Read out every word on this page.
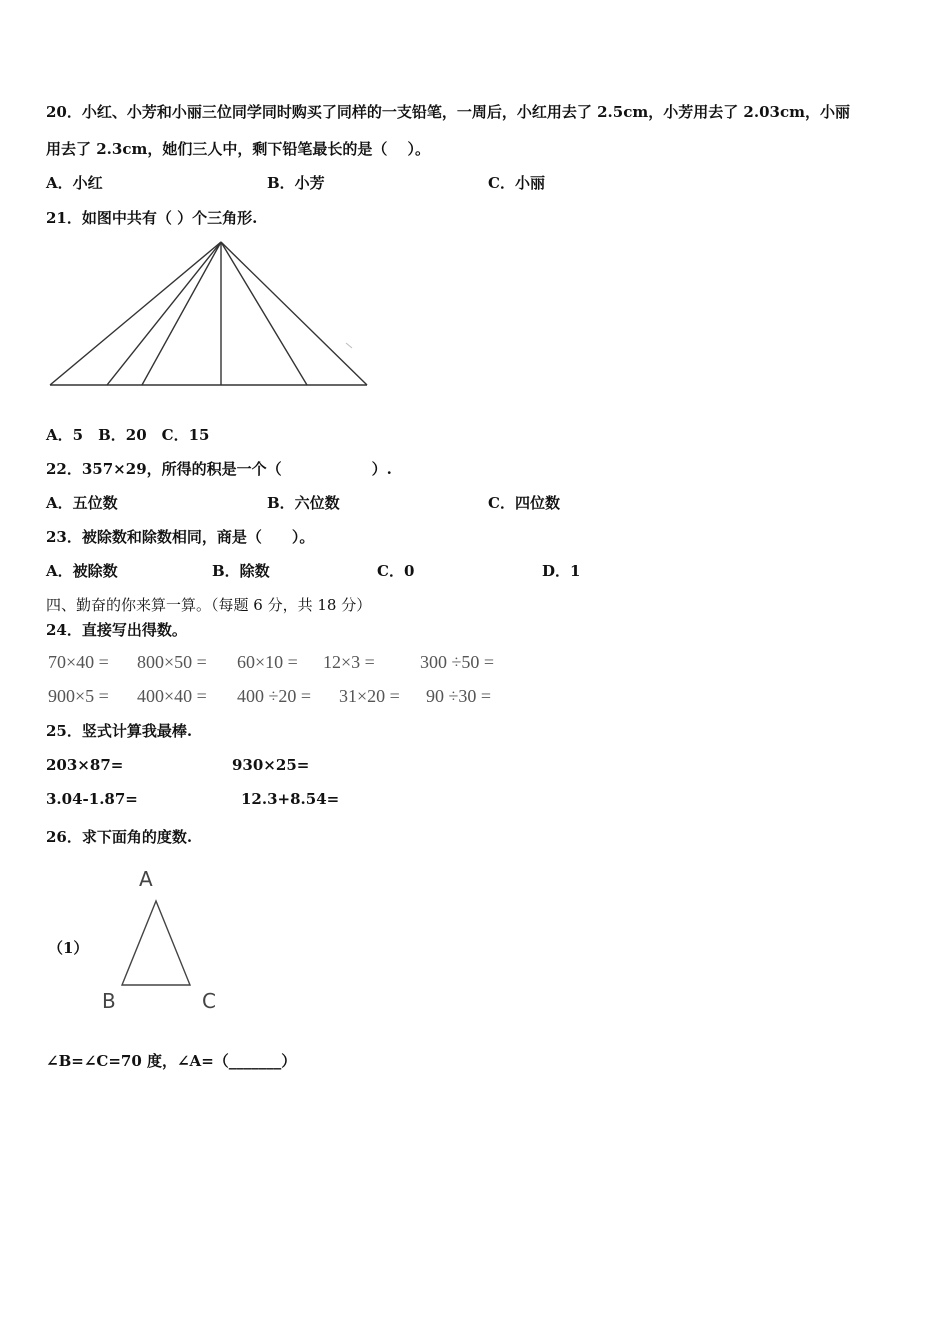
20．小红、小芳和小丽三位同学同时购买了同样的一支铅笔，一周后，小红用去了 2.5cm，小芳用去了 2.03cm，小丽
用去了 2.3cm，她们三人中，剩下铅笔最长的是（　 ）。
A．小红	B．小芳	C．小丽
21．如图中共有（ ）个三角形.
A．5　B．20　C．15
22．357×29，所得的积是一个（　　　　　　）.
A．五位数	B．六位数	C．四位数
23．被除数和除数相同，商是（　　）。
A．被除数	B．除数	C．0	D．1
四、勤奋的你来算一算。（每题 6 分，共 18 分）
24．直接写出得数。
70×40 = 800×50 = 60×10 = 12×3 =	300 ÷50 =
900×5 = 400×40 = 400 ÷20 = 31×20 = 90 ÷30 =
25．竖式计算我最棒.
203×87=	930×25=
3.04-1.87=	12.3+8.54=
26．求下面角的度数.
（1）
A
B	C
∠B=∠C=70 度，∠A=（_______）
